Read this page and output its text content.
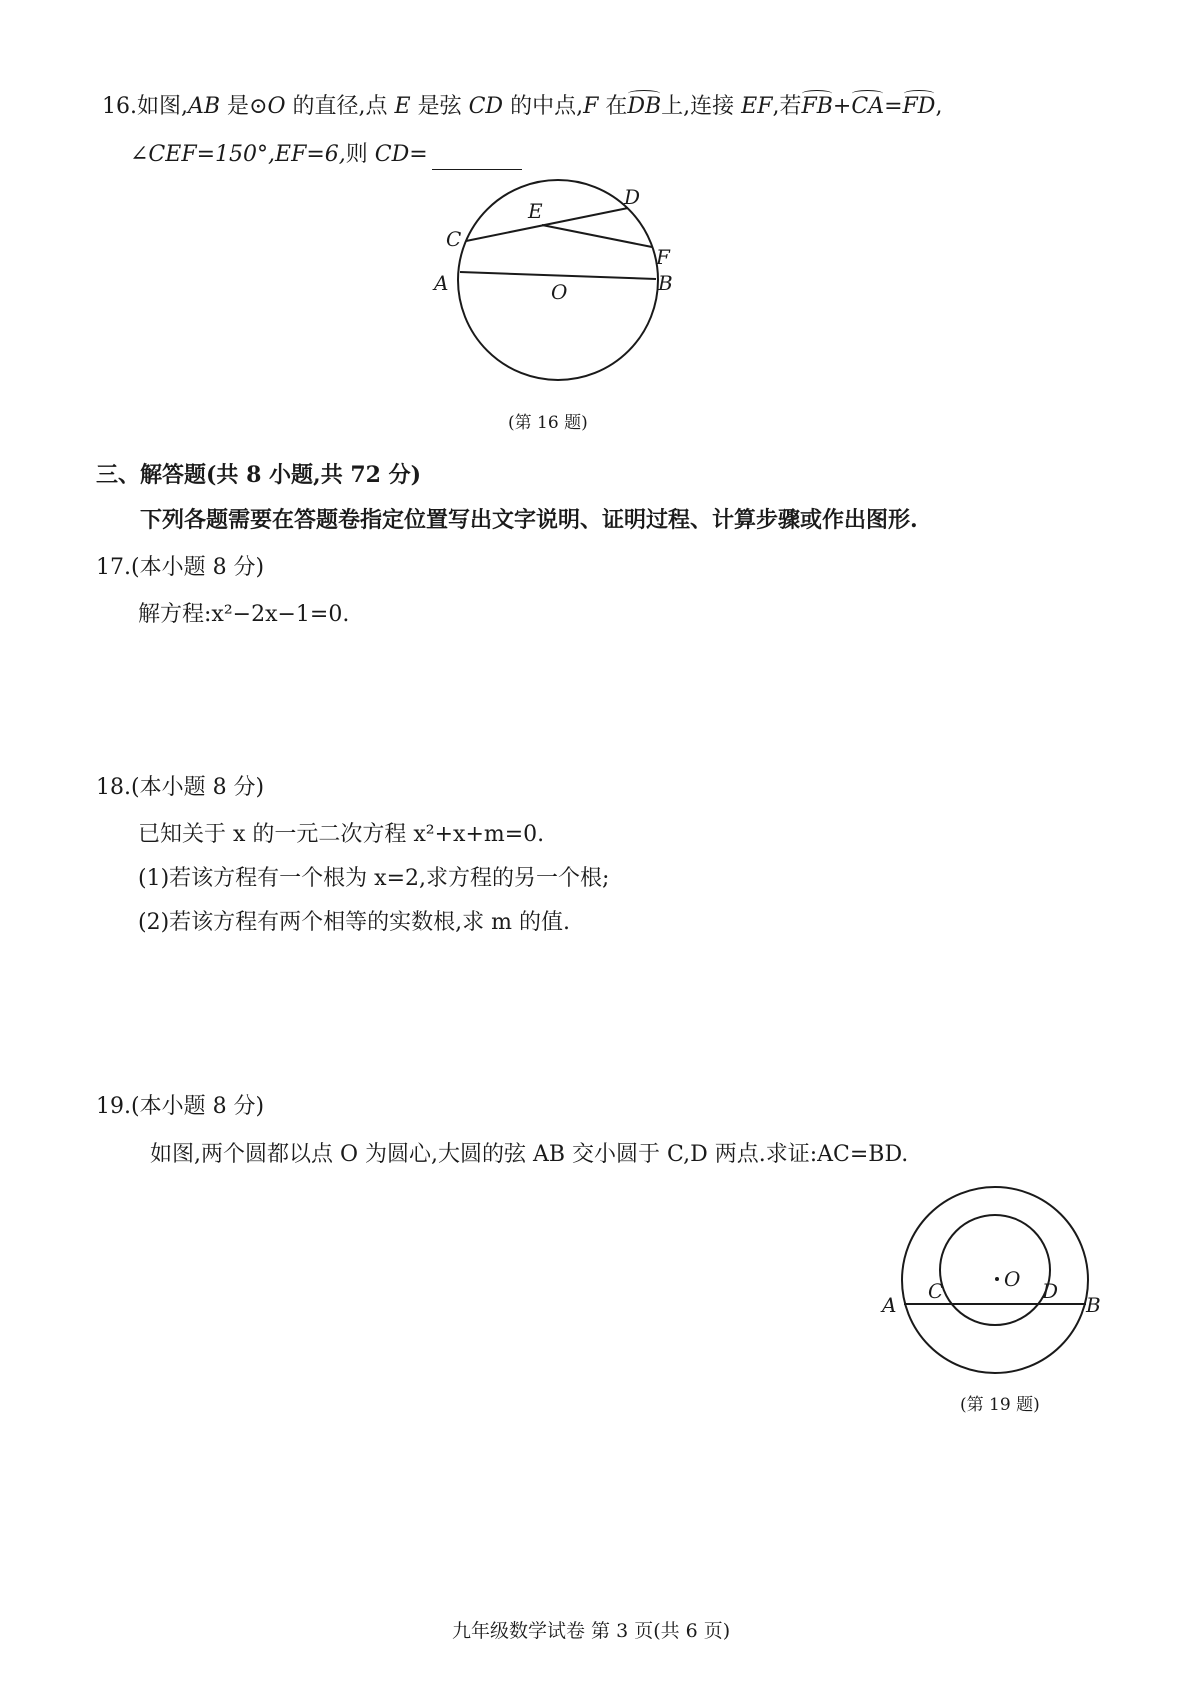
16.如图,AB 是⊙O 的直径,点 E 是弦 CD 的中点,F 在DB上,连接 EF,若FB+CA=FD,
∠CEF=150°,EF=6,则 CD=
A	B
C
D
E
F
O
(第 16 题)
三、解答题(共 8 小题,共 72 分)
下列各题需要在答题卷指定位置写出文字说明、证明过程、计算步骤或作出图形.
17.(本小题 8 分)
解方程:x²−2x−1=0.
18.(本小题 8 分)
已知关于 x 的一元二次方程 x²+x+m=0.
(1)若该方程有一个根为 x=2,求方程的另一个根;
(2)若该方程有两个相等的实数根,求 m 的值.
19.(本小题 8 分)
如图,两个圆都以点 O 为圆心,大圆的弦 AB 交小圆于 C,D 两点.求证:AC=BD.
O
A	B
C	D
(第 19 题)
九年级数学试卷 第 3 页(共 6 页)
